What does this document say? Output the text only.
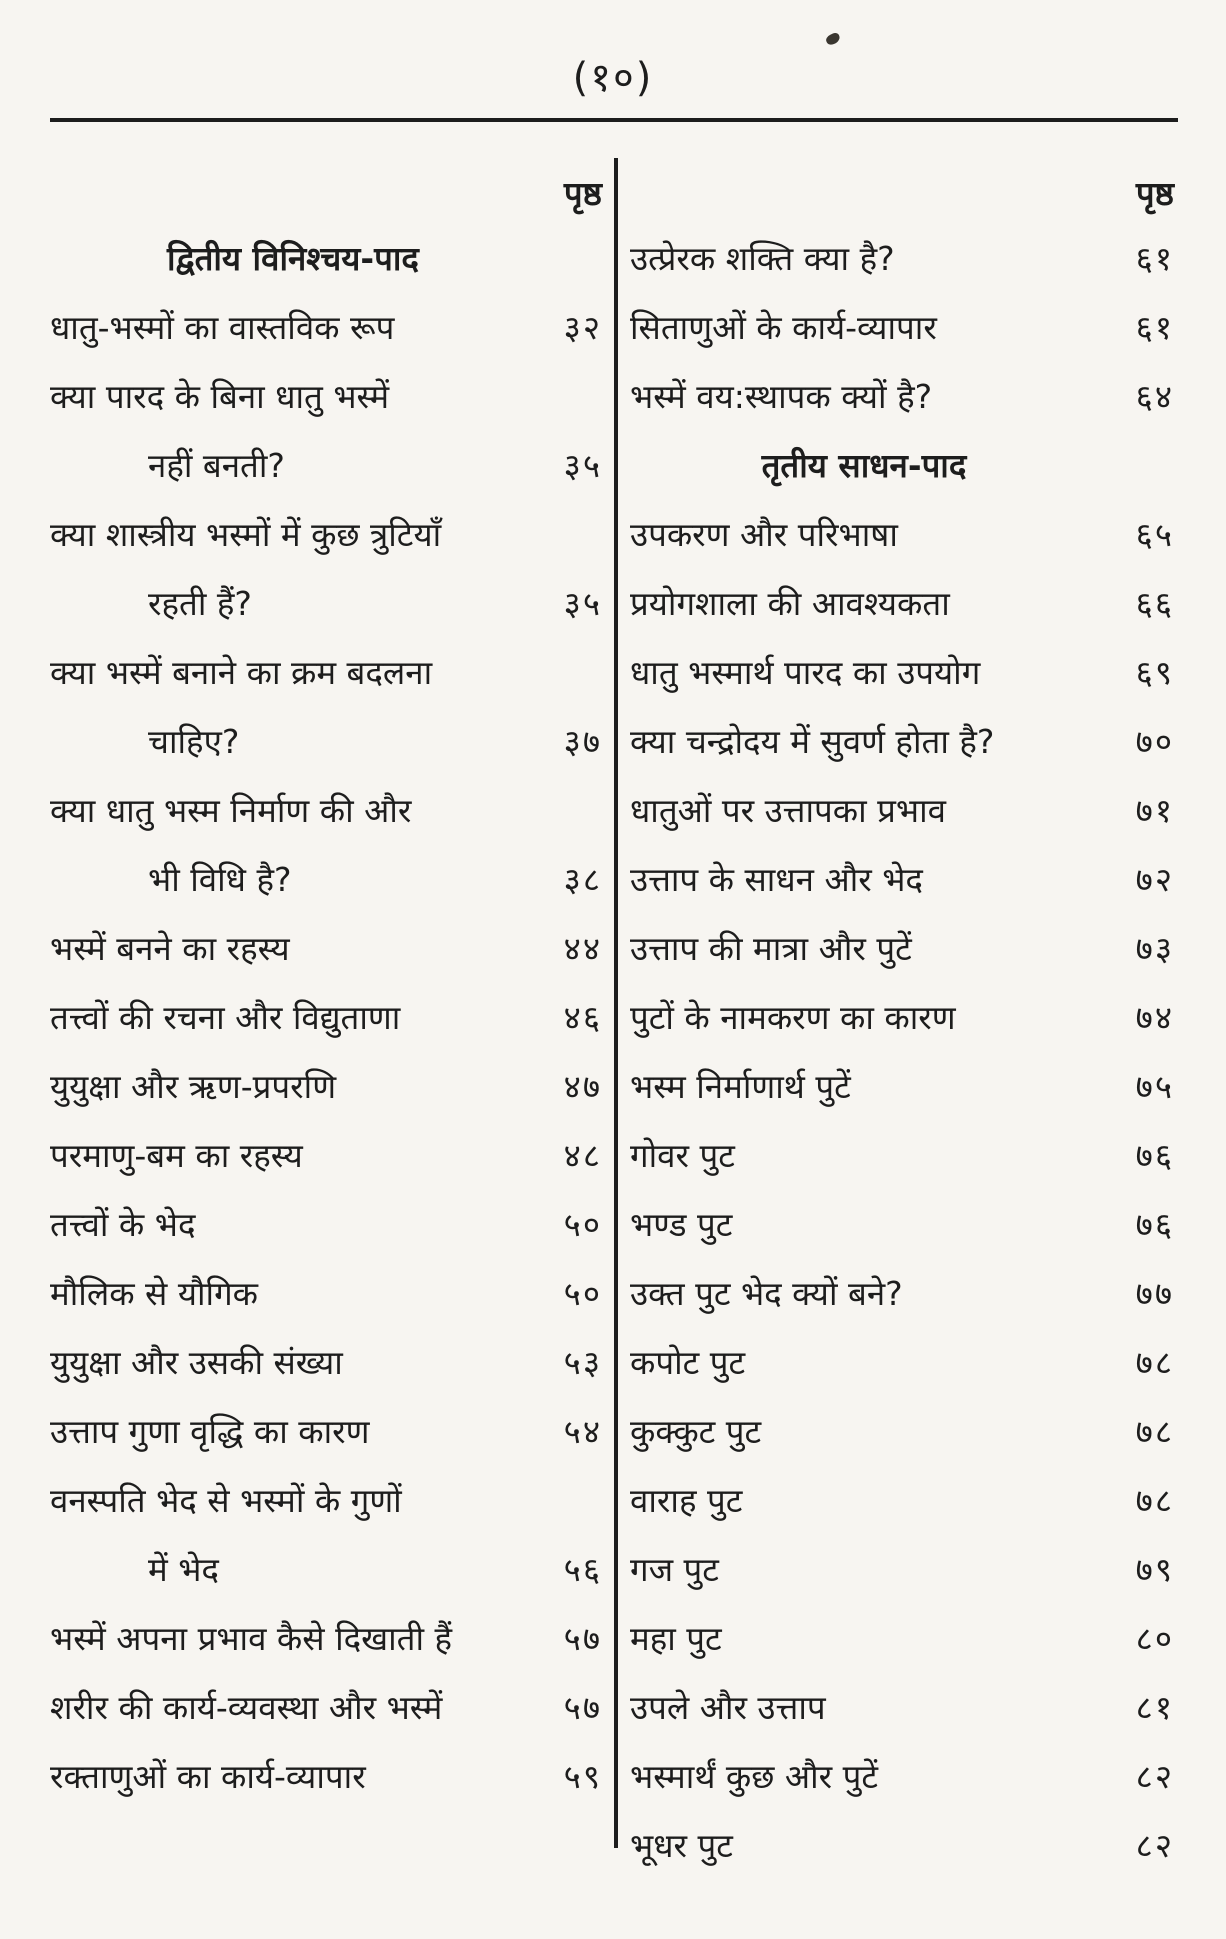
(१०)
पृष्ठ
द्वितीय विनिश्चय-पाद
धातु-भस्मों का वास्तविक रूप	३२
क्या पारद के बिना धातु भस्में
नहीं बनती?	३५
क्या शास्त्रीय भस्मों में कुछ त्रुटियाँ
रहती हैं?	३५
क्या भस्में बनाने का क्रम बदलना
चाहिए?	३७
क्या धातु भस्म निर्माण की और
भी विधि है?	३८
भस्में बनने का रहस्य	४४
तत्त्वों की रचना और विद्युताणा	४६
युयुक्षा और ऋण-प्रपरणि	४७
परमाणु-बम का रहस्य	४८
तत्त्वों के भेद	५०
मौलिक से यौगिक	५०
युयुक्षा और उसकी संख्या	५३
उत्ताप गुणा वृद्धि का कारण	५४
वनस्पति भेद से भस्मों के गुणों
में भेद	५६
भस्में अपना प्रभाव कैसे दिखाती हैं	५७
शरीर की कार्य-व्यवस्था और भस्में	५७
रक्ताणुओं का कार्य-व्यापार	५९
पृष्ठ
उत्प्रेरक शक्ति क्या है?	६१
सिताणुओं के कार्य-व्यापार	६१
भस्में वय:स्थापक क्यों है?	६४
तृतीय साधन-पाद
उपकरण और परिभाषा	६५
प्रयोगशाला की आवश्यकता	६६
धातु भस्मार्थ पारद का उपयोग	६९
क्या चन्द्रोदय में सुवर्ण होता है?	७०
धातुओं पर उत्तापका प्रभाव	७१
उत्ताप के साधन और भेद	७२
उत्ताप की मात्रा और पुटें	७३
पुटों के नामकरण का कारण	७४
भस्म निर्माणार्थ पुटें	७५
गोवर पुट	७६
भण्ड पुट	७६
उक्त पुट भेद क्यों बने?	७७
कपोट पुट	७८
कुक्कुट पुट	७८
वाराह पुट	७८
गज पुट	७९
महा पुट	८०
उपले और उत्ताप	८१
भस्मार्थं कुछ और पुटें	८२
भूधर पुट	८२
